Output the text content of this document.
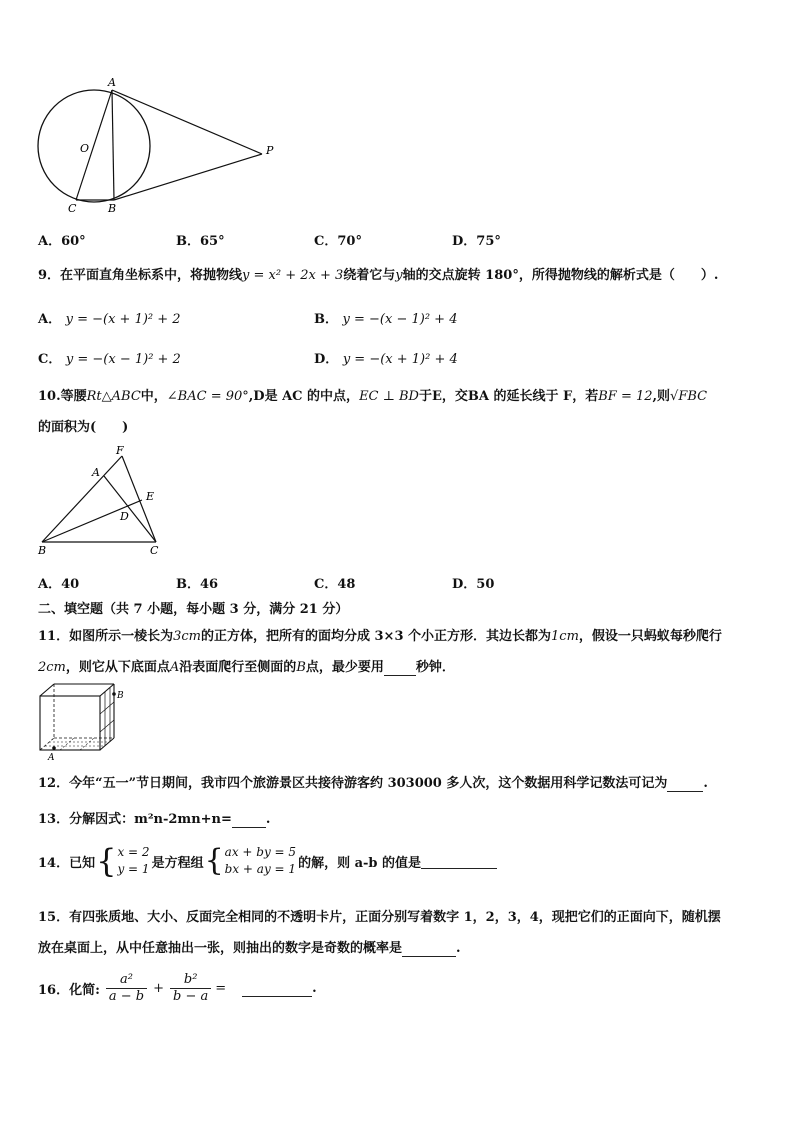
A
O	P
C	B
A．60°	B．65°	C．70°	D．75°
9．在平面直角坐标系中，将抛物线y = x² + 2x + 3绕着它与y轴的交点旋转 180°，所得抛物线的解析式是（　　）.
A． y = −(x + 1)² + 2	B． y = −(x − 1)² + 4
C． y = −(x − 1)² + 2	D． y = −(x + 1)² + 4
10.等腰Rt△ABC中，∠BAC = 90°,D是 AC 的中点，EC ⊥ BD于E，交BA 的延长线于 F，若BF = 12,则√FBC
的面积为(　　)
F
A
E
D
B	C
A．40	B．46	C．48	D．50
二、填空题（共 7 小题，每小题 3 分，满分 21 分）
11．如图所示一棱长为3cm的正方体，把所有的面均分成 3×3 个小正方形．其边长都为1cm，假设一只蚂蚁每秒爬行
2cm，则它从下底面点A沿表面爬行至侧面的B点，最少要用 秒钟．
B
A
12．今年“五一”节日期间，我市四个旅游景区共接待游客约 303000 多人次，这个数据用科学记数法可记为	.
13．分解因式：m²n-2mn+n=	.
14．已知 { x = 2
y = 1 是方程组 { ax + by = 5
bx + ay = 1 的解，则 a-b 的值是

15．有四张质地、大小、反面完全相同的不透明卡片，正面分别写着数字 1，2，3，4，现把它们的正面向下，随机摆
放在桌面上，从中任意抽出一张，则抽出的数字是奇数的概率是	.
16．化简: $\frac{\text{a²}}{a - b} + \frac{\text{b²}}{b - a}$ =
	.
